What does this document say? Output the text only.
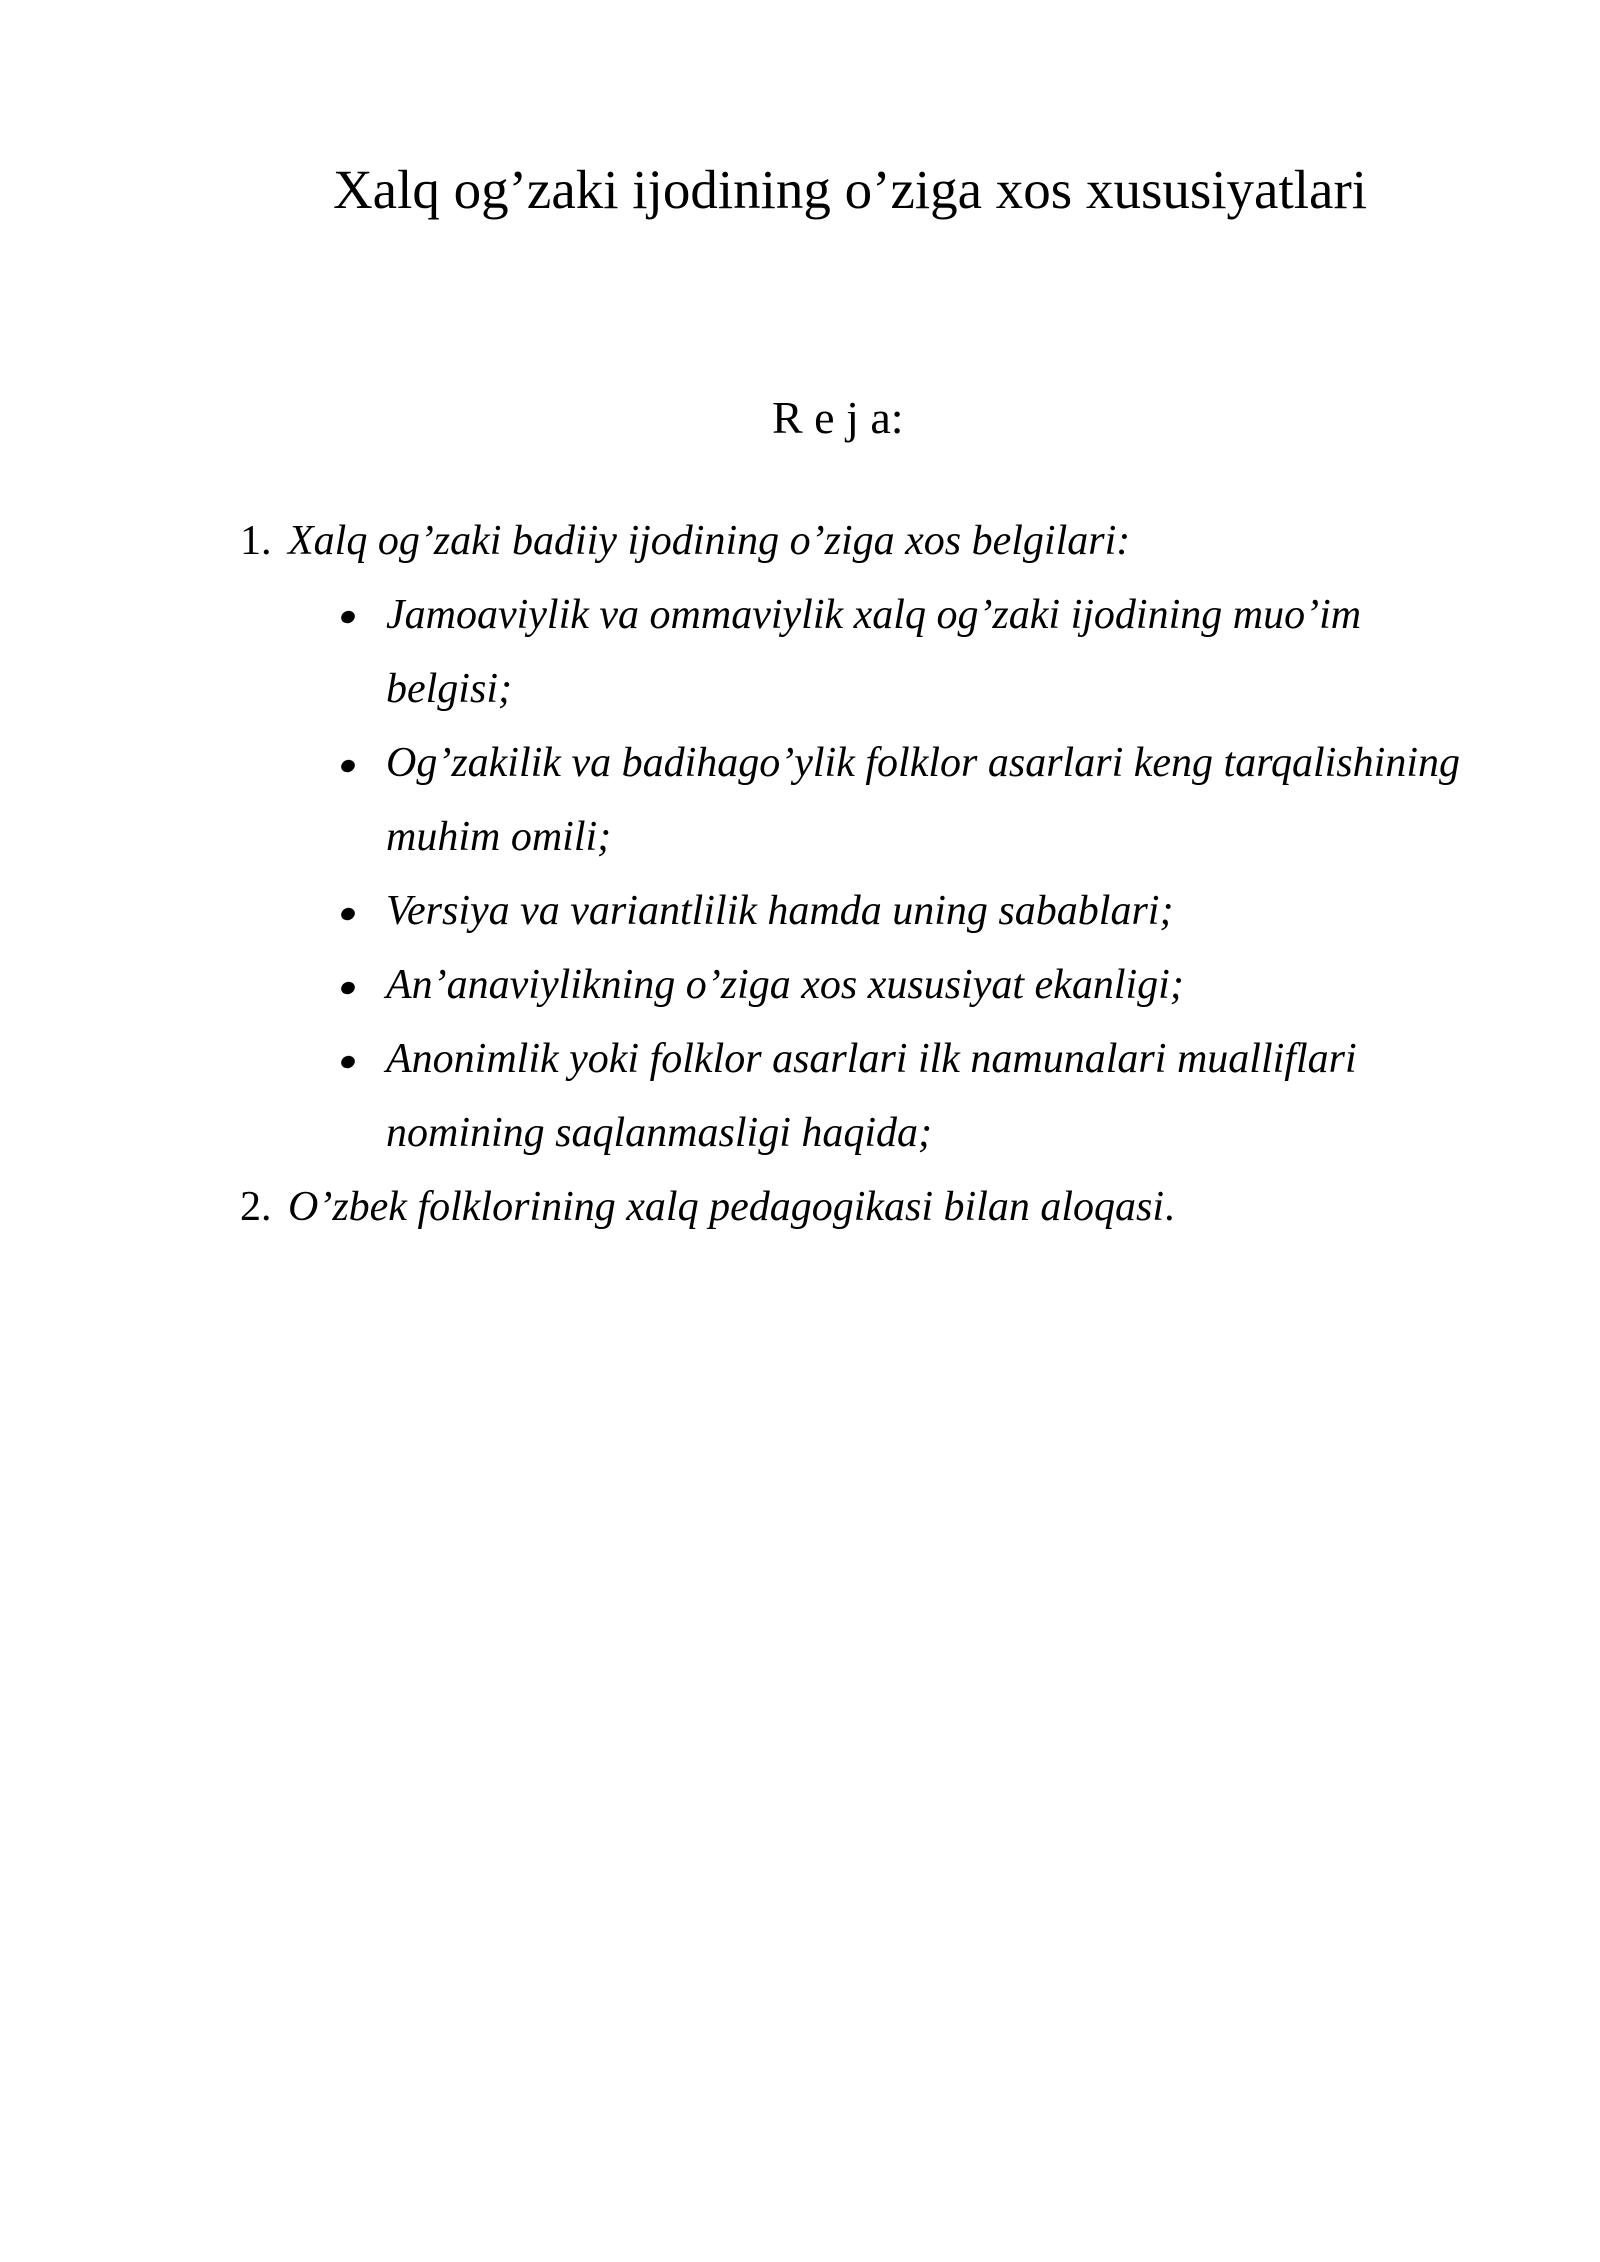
Xalq og’zaki ijodining o’ziga xos xususiyatlari
R e j a:
1. Xalq og’zaki badiiy ijodining o’ziga xos belgilari:
Jamoaviylik va ommaviylik xalq og’zaki ijodining muo’im
belgisi;
Og’zakilik va badihago’ylik folklor asarlari keng tarqalishining
muhim omili;
Versiya va variantlilik hamda uning sabablari;
An’anaviylikning o’ziga xos xususiyat ekanligi;
Anonimlik yoki folklor asarlari ilk namunalari mualliflari
nomining saqlanmasligi haqida;
2. O’zbek folklorining xalq pedagogikasi bilan aloqasi.
